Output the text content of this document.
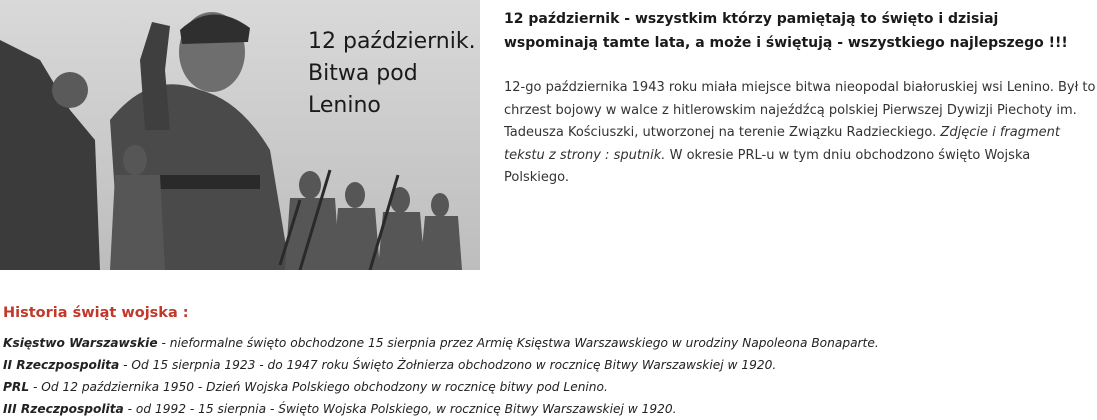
12 październik. Bitwa pod Lenino
12 październik - wszystkim którzy pamiętają to święto i dzisiaj wspominają tamte lata, a może i świętują - wszystkiego najlepszego !!!
12-go października 1943 roku miała miejsce bitwa nieopodal białoruskiej wsi Lenino. Był to chrzest bojowy w walce z hitlerowskim najeźdźcą polskiej Pierwszej Dywizji Piechoty im. Tadeusza Kościuszki, utworzonej na terenie Związku Radzieckiego. Zdjęcie i fragment tekstu z strony : sputnik. W okresie PRL-u w tym dniu obchodzono święto Wojska Polskiego.
Historia świąt wojska :
Księstwo Warszawskie - nieformalne święto obchodzone 15 sierpnia przez Armię Księstwa Warszawskiego w urodziny Napoleona Bonaparte.
II Rzeczpospolita - Od 15 sierpnia 1923 - do 1947 roku Święto Żołnierza obchodzono w rocznicę Bitwy Warszawskiej w 1920.
PRL - Od 12 października 1950 - Dzień Wojska Polskiego obchodzony w rocznicę bitwy pod Lenino.
III Rzeczpospolita - od 1992 - 15 sierpnia - Święto Wojska Polskiego, w rocznicę Bitwy Warszawskiej w 1920.
